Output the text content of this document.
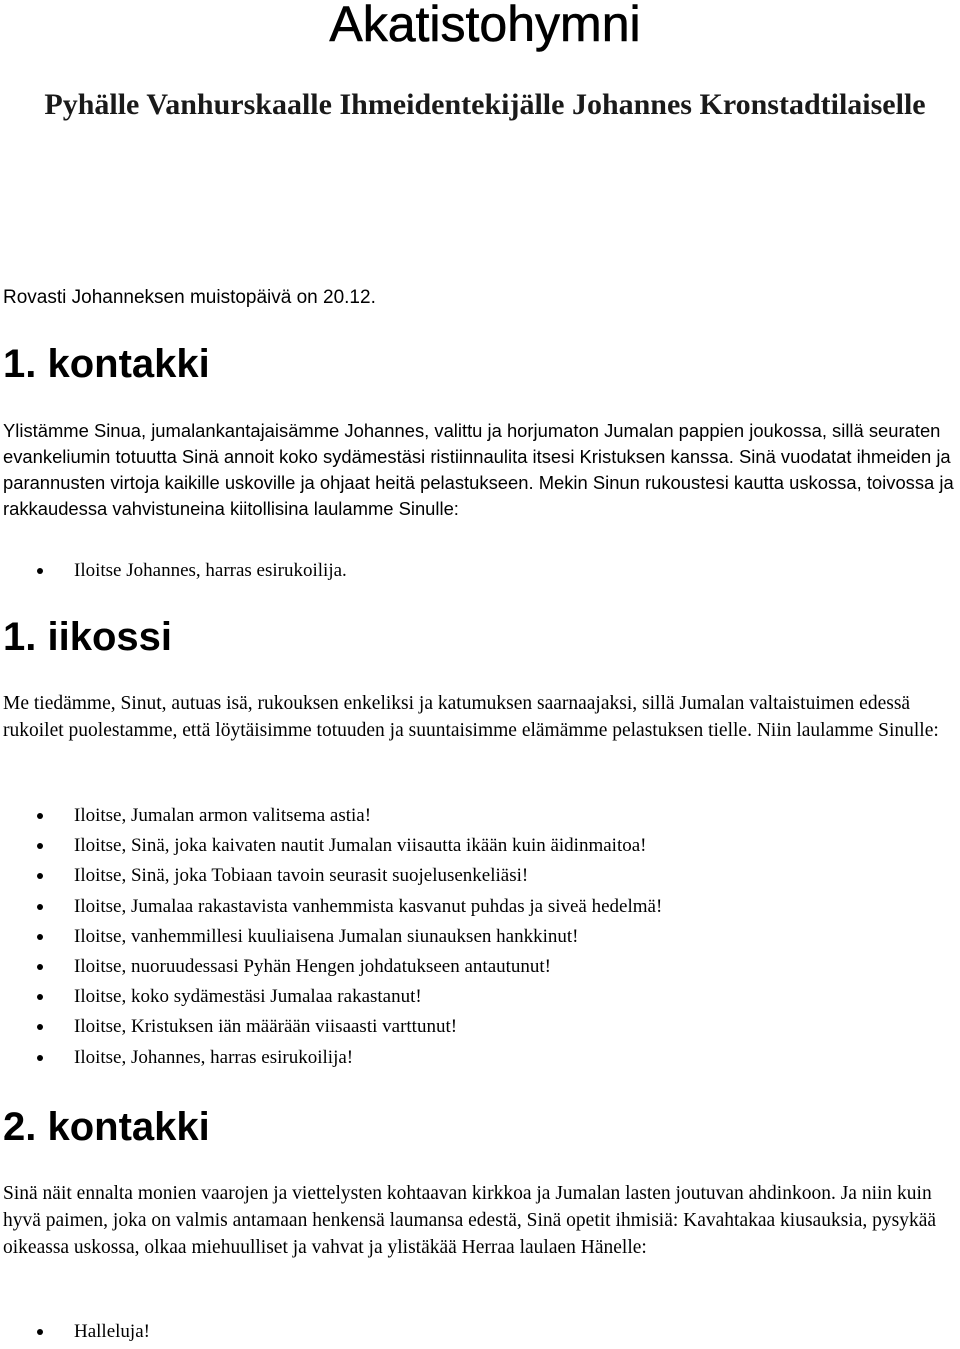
Akatistohymni
Pyhälle Vanhurskaalle Ihmeidentekijälle Johannes Kronstadtilaiselle

Rovasti Johanneksen muistopäivä on 20.12.

1. kontakki

Ylistämme Sinua, jumalankantajaisämme Johannes, valittu ja horjumaton Jumalan pappien joukossa, sillä seuraten evankeliumin totuutta Sinä annoit koko sydämestäsi ristiinnaulita itsesi Kristuksen kanssa. Sinä vuodatat ihmeiden ja parannusten virtoja kaikille uskoville ja ohjaat heitä pelastukseen. Mekin Sinun rukoustesi kautta uskossa, toivossa ja rakkaudessa vahvistuneina kiitollisina laulamme Sinulle:

Iloitse Johannes, harras esirukoilija.
1. iikossi

Me tiedämme, Sinut, autuas isä, rukouksen enkeliksi ja katumuksen saarnaajaksi, sillä Jumalan valtaistuimen edessä rukoilet puolestamme, että löytäisimme totuuden ja suuntaisimme elämämme pelastuksen tielle. Niin laulamme Sinulle:

Iloitse, Jumalan armon valitsema astia!
Iloitse, Sinä, joka kaivaten nautit Jumalan viisautta ikään kuin äidinmaitoa!
Iloitse, Sinä, joka Tobiaan tavoin seurasit suojelusenkeliäsi!
Iloitse, Jumalaa rakastavista vanhemmista kasvanut puhdas ja siveä hedelmä!
Iloitse, vanhemmillesi kuuliaisena Jumalan siunauksen hankkinut!
Iloitse, nuoruudessasi Pyhän Hengen johdatukseen antautunut!
Iloitse, koko sydämestäsi Jumalaa rakastanut!
Iloitse, Kristuksen iän määrään viisaasti varttunut!
Iloitse, Johannes, harras esirukoilija!
2. kontakki

Sinä näit ennalta monien vaarojen ja viettelysten kohtaavan kirkkoa ja Jumalan lasten joutuvan ahdinkoon. Ja niin kuin hyvä paimen, joka on valmis antamaan henkensä laumansa edestä, Sinä opetit ihmisiä: Kavahtakaa kiusauksia, pysykää oikeassa uskossa, olkaa miehuulliset ja vahvat ja ylistäkää Herraa laulaen Hänelle:

Halleluja!
